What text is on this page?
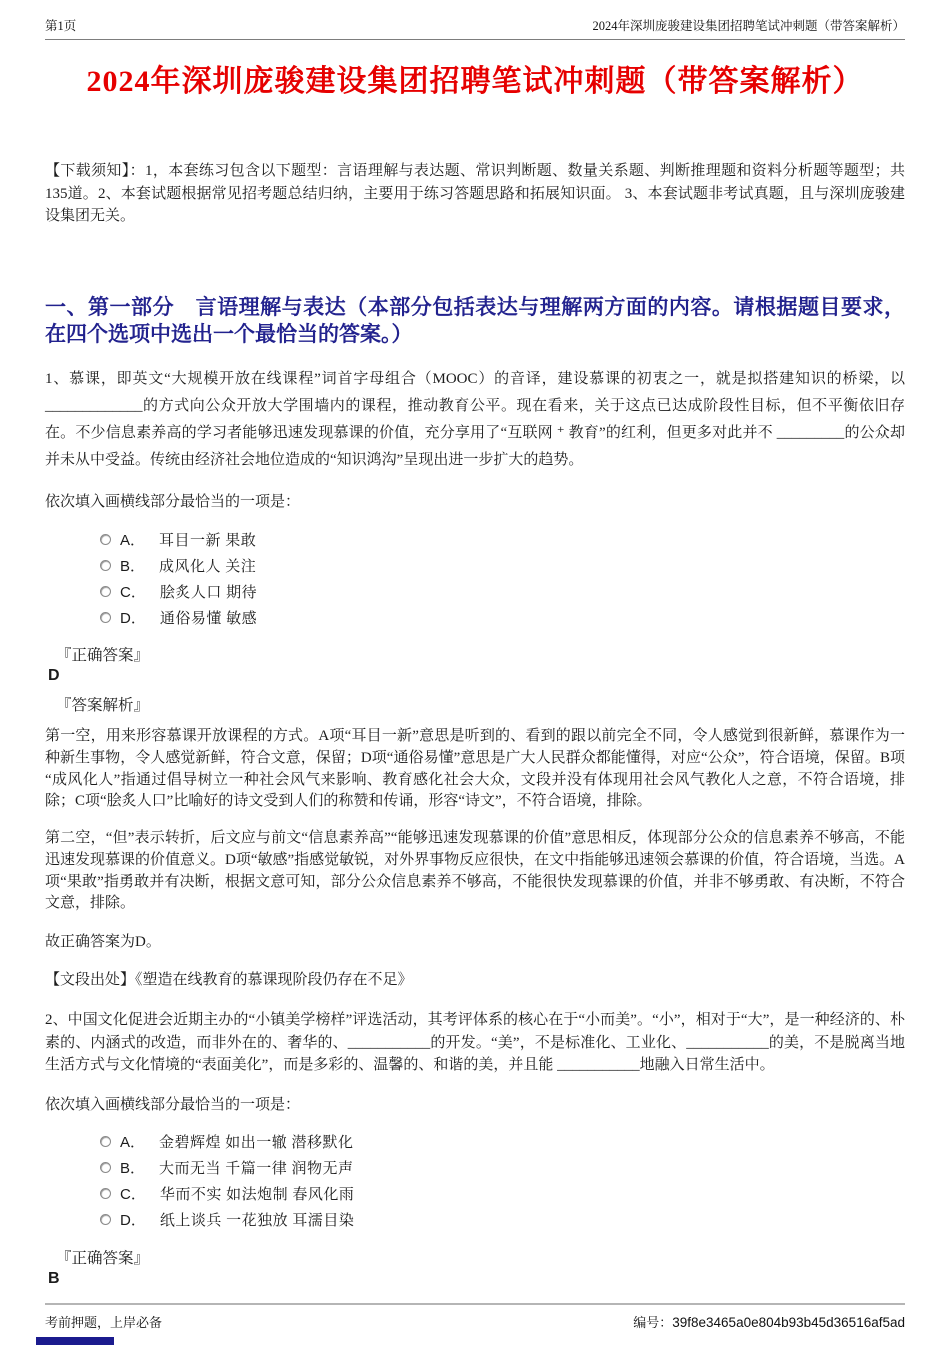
第1页	2024年深圳庞骏建设集团招聘笔试冲刺题（带答案解析）
2024年深圳庞骏建设集团招聘笔试冲刺题（带答案解析）

【下载须知】：1，本套练习包含以下题型：言语理解与表达题、常识判断题、数量关系题、判断推理题和资料分析题等题型；共135道。2、本套试题根据常见招考题总结归纳，主要用于练习答题思路和拓展知识面。 3、本套试题非考试真题，且与深圳庞骏建设集团无关。

一、第一部分　言语理解与表达（本部分包括表达与理解两方面的内容。请根据题目要求，在四个选项中选出一个最恰当的答案。）

1、慕课，即英文“大规模开放在线课程”词首字母组合（MOOC）的音译，建设慕课的初衷之一，就是拟搭建知识的桥梁，以 _____________的方式向公众开放大学围墙内的课程，推动教育公平。现在看来，关于这点已达成阶段性目标，但不平衡依旧存在。不少信息素养高的学习者能够迅速发现慕课的价值，充分享用了“互联网 ⁺ 教育”的红利，但更多对此并不 _________的公众却并未从中受益。传统由经济社会地位造成的“知识鸿沟”呈现出进一步扩大的趋势。

依次填入画横线部分最恰当的一项是：

A． 耳目一新 果敢
B． 成风化人 关注
C． 脍炙人口 期待
D． 通俗易懂 敏感
『正确答案』
D
『答案解析』

第一空，用来形容慕课开放课程的方式。A项“耳目一新”意思是听到的、看到的跟以前完全不同，令人感觉到很新鲜，慕课作为一种新生事物，令人感觉新鲜，符合文意，保留；D项“通俗易懂”意思是广大人民群众都能懂得，对应“公众”，符合语境，保留。B项“成风化人”指通过倡导树立一种社会风气来影响、教育感化社会大众，文段并没有体现用社会风气教化人之意，不符合语境，排除；C项“脍炙人口”比喻好的诗文受到人们的称赞和传诵，形容“诗文”，不符合语境，排除。

第二空，“但”表示转折，后文应与前文“信息素养高”“能够迅速发现慕课的价值”意思相反，体现部分公众的信息素养不够高，不能迅速发现慕课的价值意义。D项“敏感”指感觉敏锐，对外界事物反应很快，在文中指能够迅速领会慕课的价值，符合语境，当选。A项“果敢”指勇敢并有决断，根据文意可知，部分公众信息素养不够高，不能很快发现慕课的价值，并非不够勇敢、有决断，不符合文意，排除。

故正确答案为D。

【文段出处】《塑造在线教育的慕课现阶段仍存在不足》

2、中国文化促进会近期主办的“小镇美学榜样”评选活动，其考评体系的核心在于“小而美”。“小”，相对于“大”，是一种经济的、朴素的、内涵式的改造，而非外在的、奢华的、___________的开发。“美”，不是标准化、工业化、___________的美，不是脱离当地生活方式与文化情境的“表面美化”，而是多彩的、温馨的、和谐的美，并且能 ___________地融入日常生活中。

依次填入画横线部分最恰当的一项是：

A． 金碧辉煌 如出一辙 潜移默化
B． 大而无当 千篇一律 润物无声
C． 华而不实 如法炮制 春风化雨
D． 纸上谈兵 一花独放 耳濡目染
『正确答案』
B
考前押题，上岸必备	编号： 39f8e3465a0e804b93b45d36516af5ad
